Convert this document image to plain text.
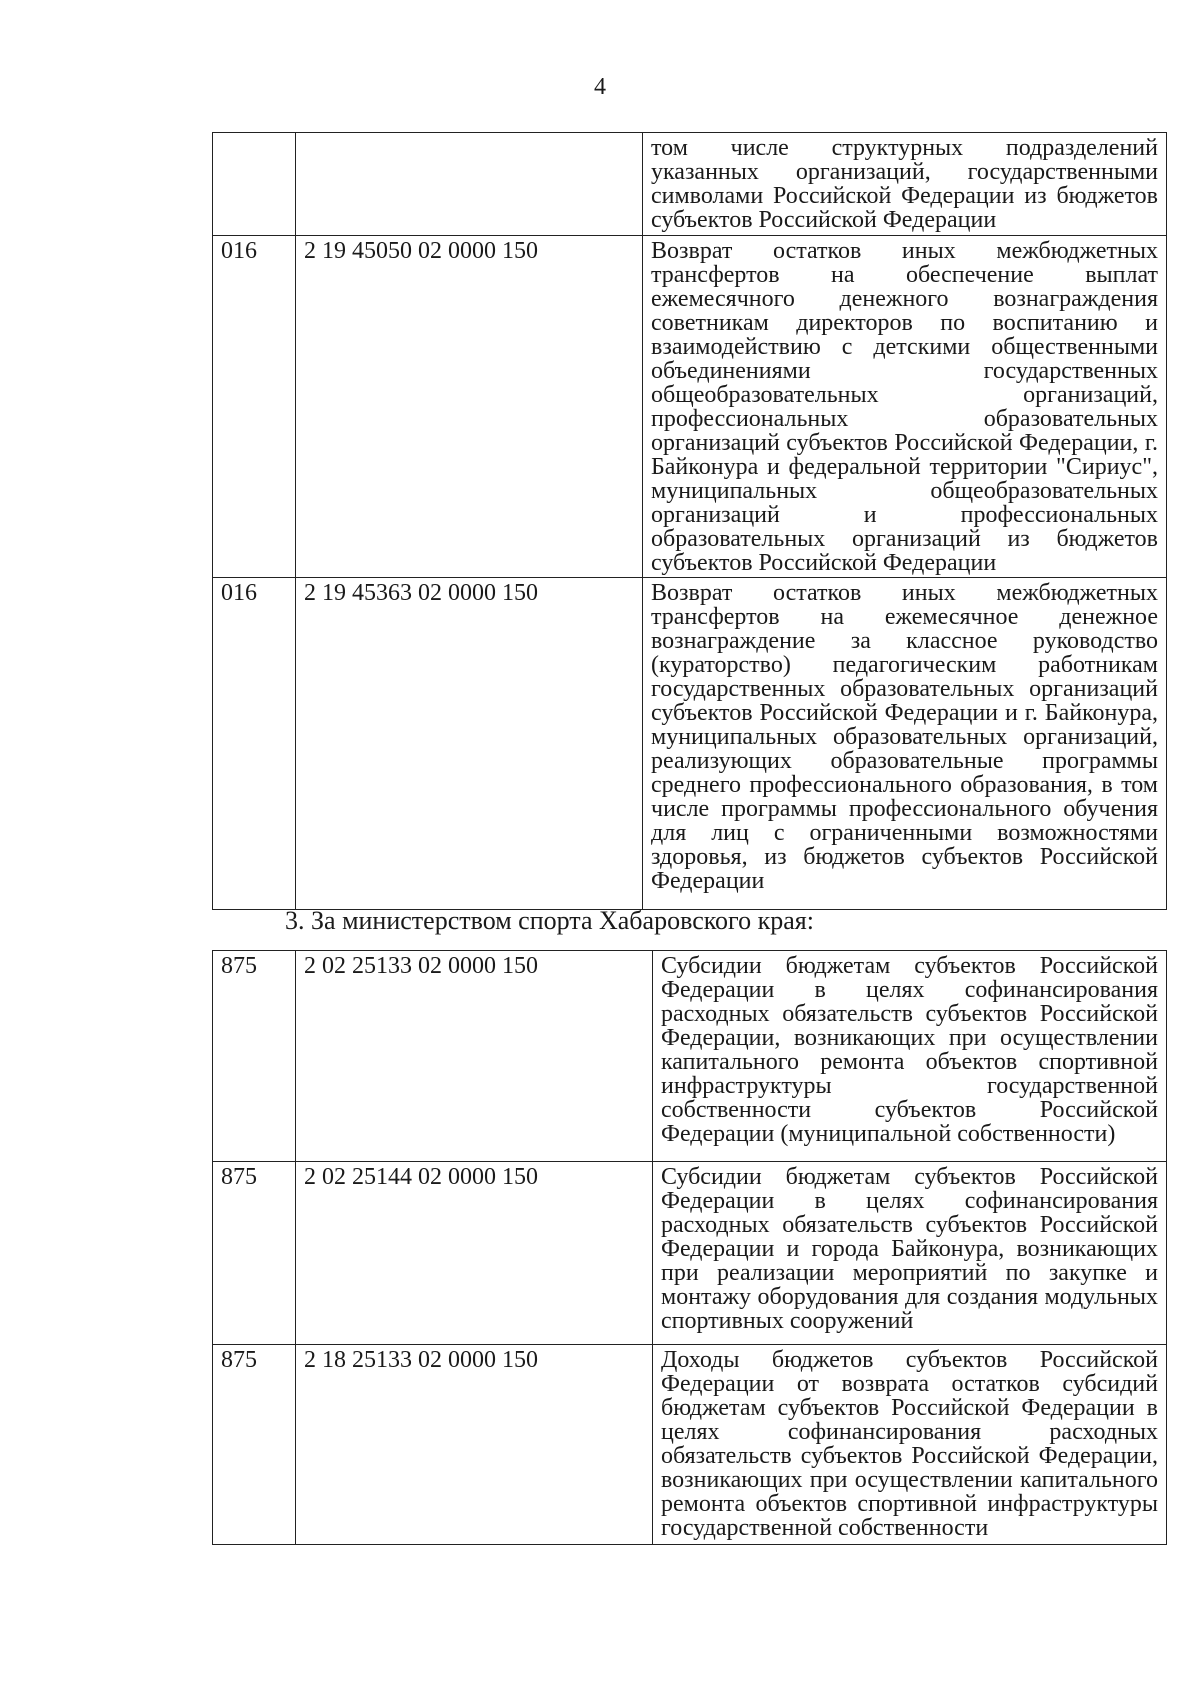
4
		том числе структурных подразделений указанных организаций, государственными символами Российской Федерации из бюджетов субъектов Российской Федерации
016	2 19 45050 02 0000 150	Возврат остатков иных межбюджетных трансфертов на обеспечение выплат ежемесячного денежного вознаграждения советникам директоров по воспитанию и взаимодействию с детскими общественными объединениями государственных общеобразовательных организаций, профессиональных образовательных организаций субъектов Российской Федерации, г. Байконура и федеральной территории "Сириус", муниципальных общеобразовательных организаций и профессиональных образовательных организаций из бюджетов субъектов Российской Федерации
016	2 19 45363 02 0000 150	Возврат остатков иных межбюджетных трансфертов на ежемесячное денежное вознаграждение за классное руководство (кураторство) педагогическим работникам государственных образовательных организаций субъектов Российской Федерации и г. Байконура, муниципальных образовательных организаций, реализующих образовательные программы среднего профессионального образования, в том числе программы профессионального обучения для лиц с ограниченными возможностями здоровья, из бюджетов субъектов Российской Федерации
3. За министерством спорта Хабаровского края:
875	2 02 25133 02 0000 150	Субсидии бюджетам субъектов Российской Федерации в целях софинансирования расходных обязательств субъектов Российской Федерации, возникающих при осуществлении капитального ремонта объектов спортивной инфраструктуры государственной собственности субъектов Российской Федерации (муниципальной собственности)
875	2 02 25144 02 0000 150	Субсидии бюджетам субъектов Российской Федерации в целях софинансирования расходных обязательств субъектов Российской Федерации и города Байконура, возникающих при реализации мероприятий по закупке и монтажу оборудования для создания модульных спортивных сооружений
875	2 18 25133 02 0000 150	Доходы бюджетов субъектов Российской Федерации от возврата остатков субсидий бюджетам субъектов Российской Федерации в целях софинансирования расходных обязательств субъектов Российской Федерации, возникающих при осуществлении капитального ремонта объектов спортивной инфраструктуры государственной собственности
